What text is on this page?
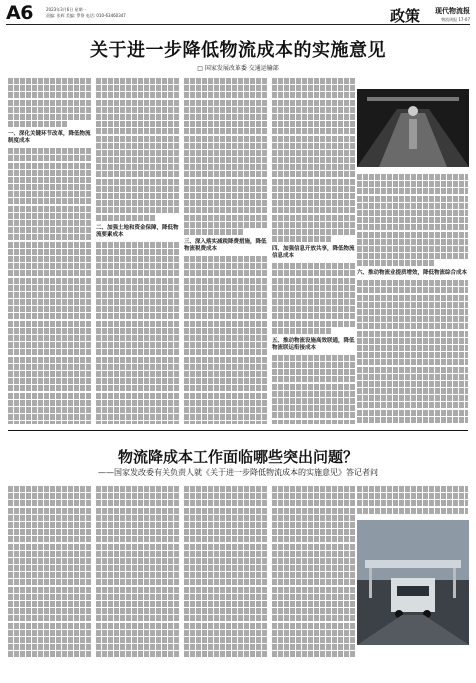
A6	2023年3月6日 星期一
责编: 张辉 美编: 罗铮 电话: 010-63460347	政策 现代物流报
物流周报 17-07
关于进一步降低物流成本的实施意见
□ 国家发展改革委 交通运输部
一、深化关键环节改革，降低物流制度成本
二、加强土地和资金保障，降低物流要素成本
三、深入落实减税降费措施，降低物流税费成本	四、加强信息开放共享，降低物流信息成本
五、推动物流设施高效联通，降低物流联运衔接成本
六、推动物流业提质增效，降低物流综合成本
物流降成本工作面临哪些突出问题？
——国家发改委有关负责人就《关于进一步降低物流成本的实施意见》答记者问
